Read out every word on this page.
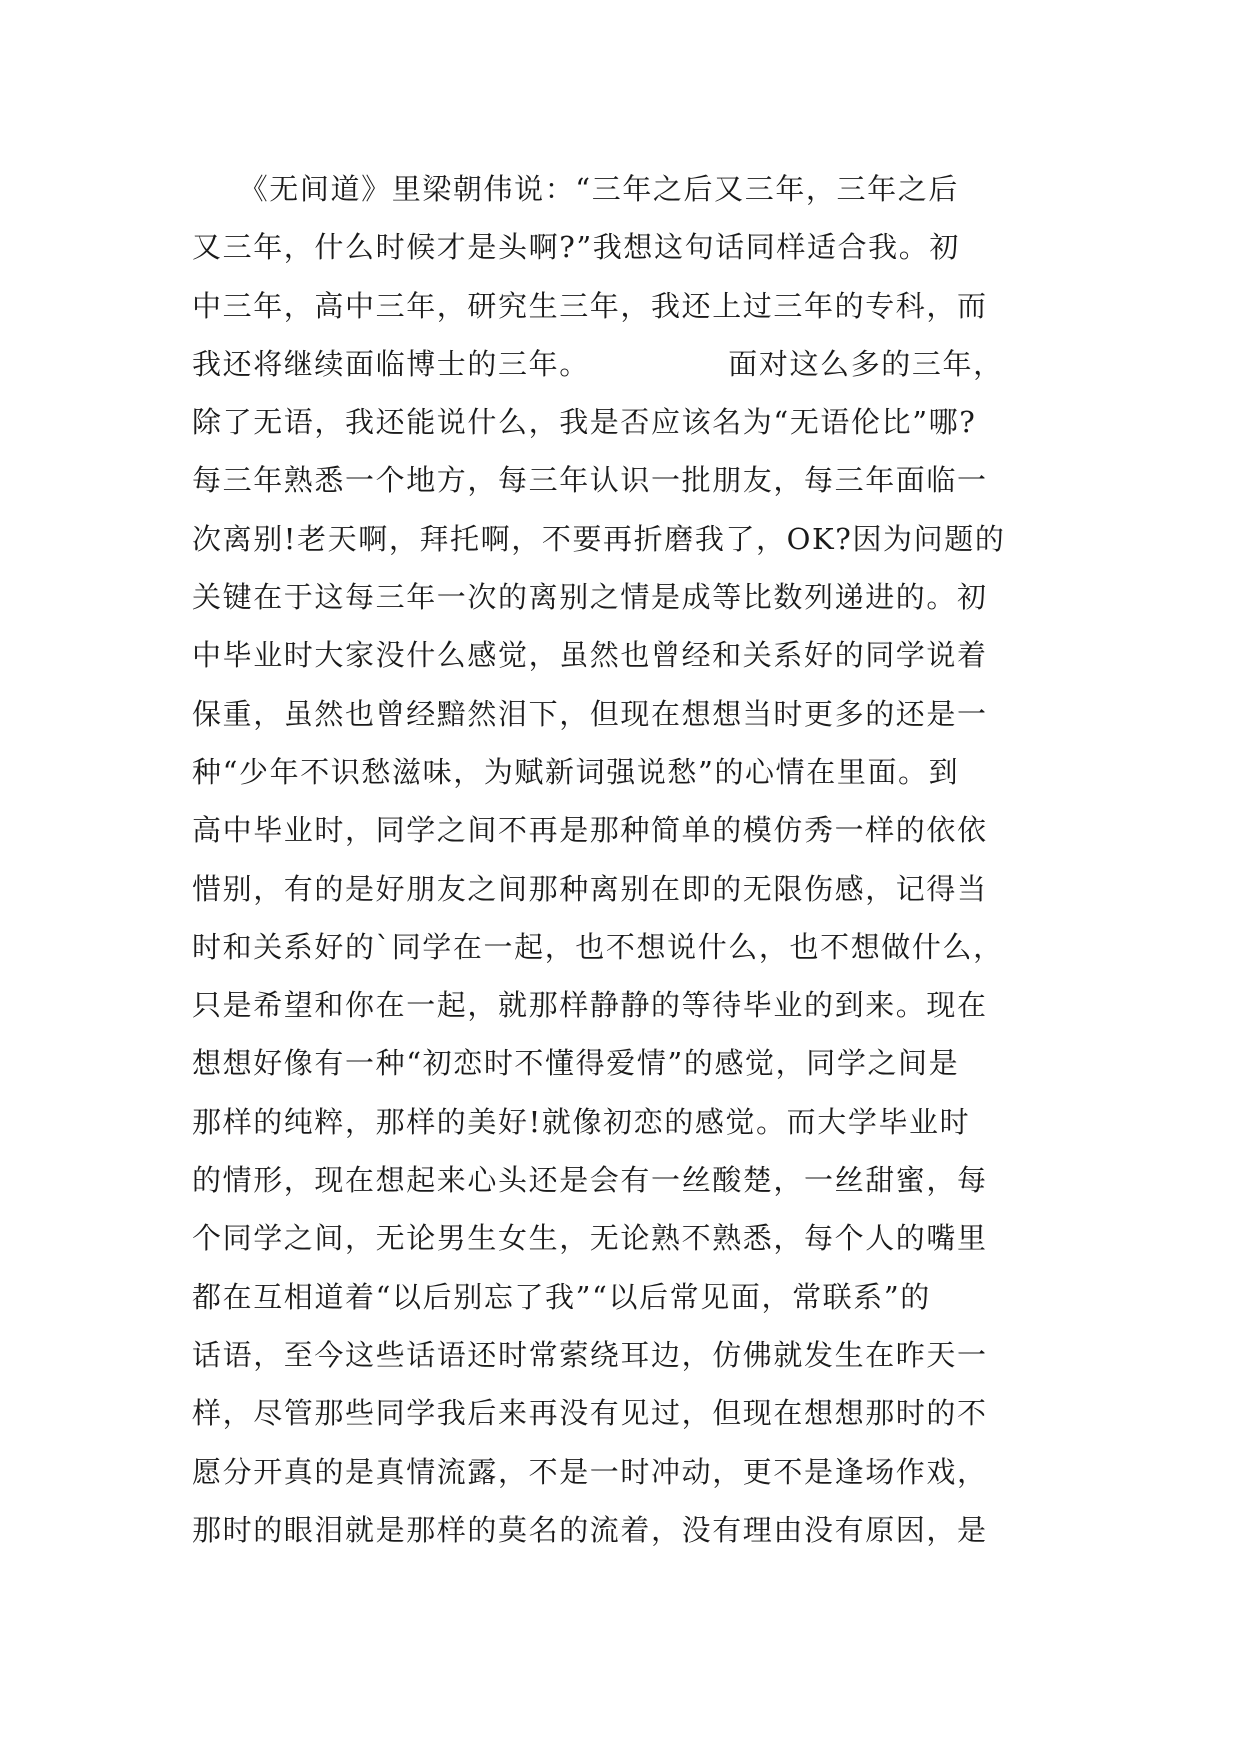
　　《无间道》里梁朝伟说：“三年之后又三年，三年之后
又三年，什么时候才是头啊?”我想这句话同样适合我。初
中三年，高中三年，研究生三年，我还上过三年的专科，而
我还将继续面临博士的三年。　　　　　面对这么多的三年，
除了无语，我还能说什么，我是否应该名为“无语伦比”哪?
每三年熟悉一个地方，每三年认识一批朋友，每三年面临一
次离别!老天啊，拜托啊，不要再折磨我了，OK?因为问题的
关键在于这每三年一次的离别之情是成等比数列递进的。初
中毕业时大家没什么感觉，虽然也曾经和关系好的同学说着
保重，虽然也曾经黯然泪下，但现在想想当时更多的还是一
种“少年不识愁滋味，为赋新词强说愁”的心情在里面。到
高中毕业时，同学之间不再是那种简单的模仿秀一样的依依
惜别，有的是好朋友之间那种离别在即的无限伤感，记得当
时和关系好的`同学在一起，也不想说什么，也不想做什么，
只是希望和你在一起，就那样静静的等待毕业的到来。现在
想想好像有一种“初恋时不懂得爱情”的感觉，同学之间是
那样的纯粹，那样的美好!就像初恋的感觉。而大学毕业时
的情形，现在想起来心头还是会有一丝酸楚，一丝甜蜜，每
个同学之间，无论男生女生，无论熟不熟悉，每个人的嘴里
都在互相道着“以后别忘了我”“以后常见面，常联系”的
话语，至今这些话语还时常萦绕耳边，仿佛就发生在昨天一
样，尽管那些同学我后来再没有见过，但现在想想那时的不
愿分开真的是真情流露，不是一时冲动，更不是逢场作戏，
那时的眼泪就是那样的莫名的流着，没有理由没有原因，是
